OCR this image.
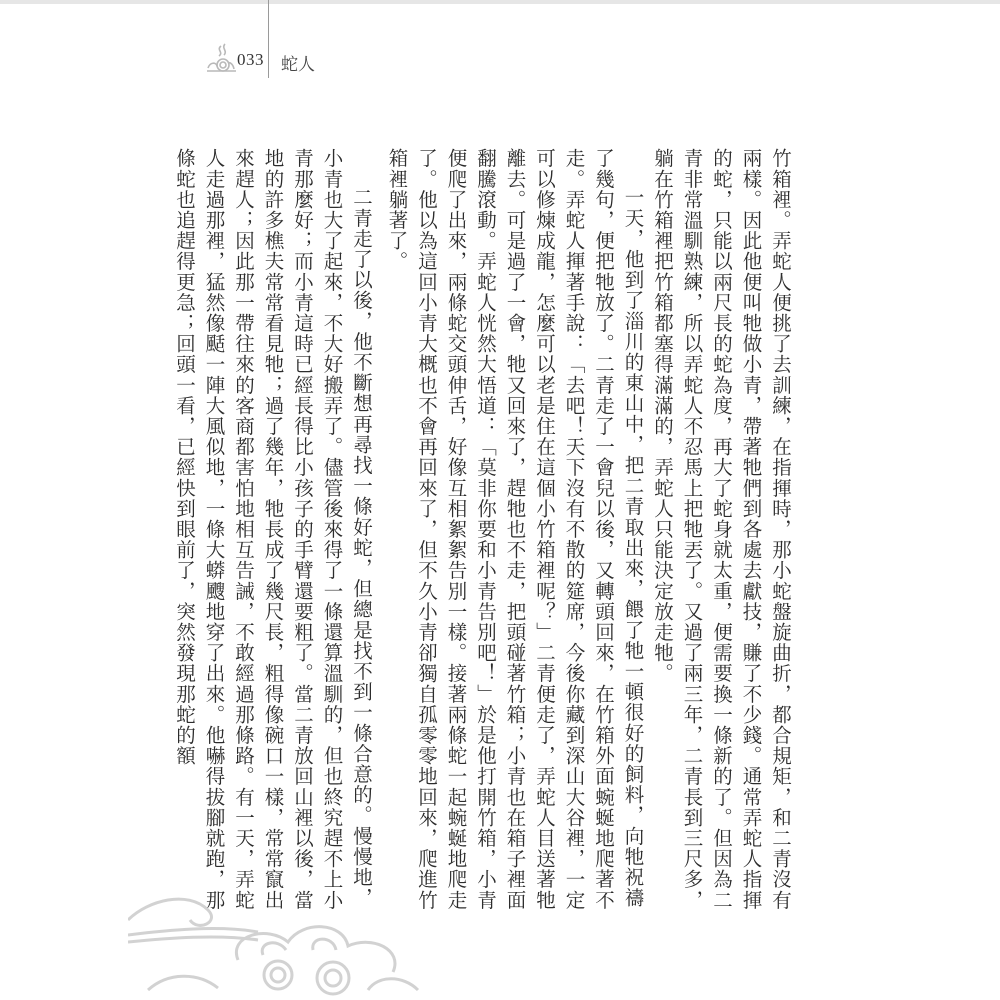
033 蛇人

竹箱裡。弄蛇人便挑了去訓練，在指揮時，那小蛇盤旋曲折，都合規矩，和二青沒有兩樣。因此他便叫牠做小青，帶著牠們到各處去獻技，賺了不少錢。通常弄蛇人指揮的蛇，只能以兩尺長的蛇為度，再大了蛇身就太重，便需要換一條新的了。但因為二青非常溫馴熟練，所以弄蛇人不忍馬上把牠丟了。又過了兩三年，二青長到三尺多，躺在竹箱裡把竹箱都塞得滿滿的，弄蛇人只能決定放走牠。

一天，他到了淄川的東山中，把二青取出來，餵了牠一頓很好的飼料，向牠祝禱了幾句，便把牠放了。二青走了一會兒以後，又轉頭回來，在竹箱外面蜿蜒地爬著不走。弄蛇人揮著手說：「去吧！天下沒有不散的筵席，今後你藏到深山大谷裡，一定可以修煉成龍，怎麼可以老是住在這個小竹箱裡呢？」二青便走了，弄蛇人目送著牠離去。可是過了一會，牠又回來了，趕牠也不走，把頭碰著竹箱；小青也在箱子裡面翻騰滾動。弄蛇人恍然大悟道：「莫非你要和小青告別吧！」於是他打開竹箱，小青便爬了出來，兩條蛇交頭伸舌，好像互相絮絮告別一樣。接著兩條蛇一起蜿蜒地爬走了。他以為這回小青大概也不會再回來了，但不久小青卻獨自孤零零地回來，爬進竹箱裡躺著了。

二青走了以後，他不斷想再尋找一條好蛇，但總是找不到一條合意的。慢慢地，小青也大了起來，不大好搬弄了。儘管後來得了一條還算溫馴的，但也終究趕不上小青那麼好；而小青這時已經長得比小孩子的手臂還要粗了。當二青放回山裡以後，當地的許多樵夫常常看見牠；過了幾年，牠長成了幾尺長，粗得像碗口一樣，常常竄出來趕人；因此那一帶往來的客商都害怕地相互告誡，不敢經過那條路。有一天，弄蛇人走過那裡，猛然像颳一陣大風似地，一條大蟒颼地穿了出來。他嚇得拔腳就跑，那條蛇也追趕得更急；回頭一看，已經快到眼前了，突然發現那蛇的額
